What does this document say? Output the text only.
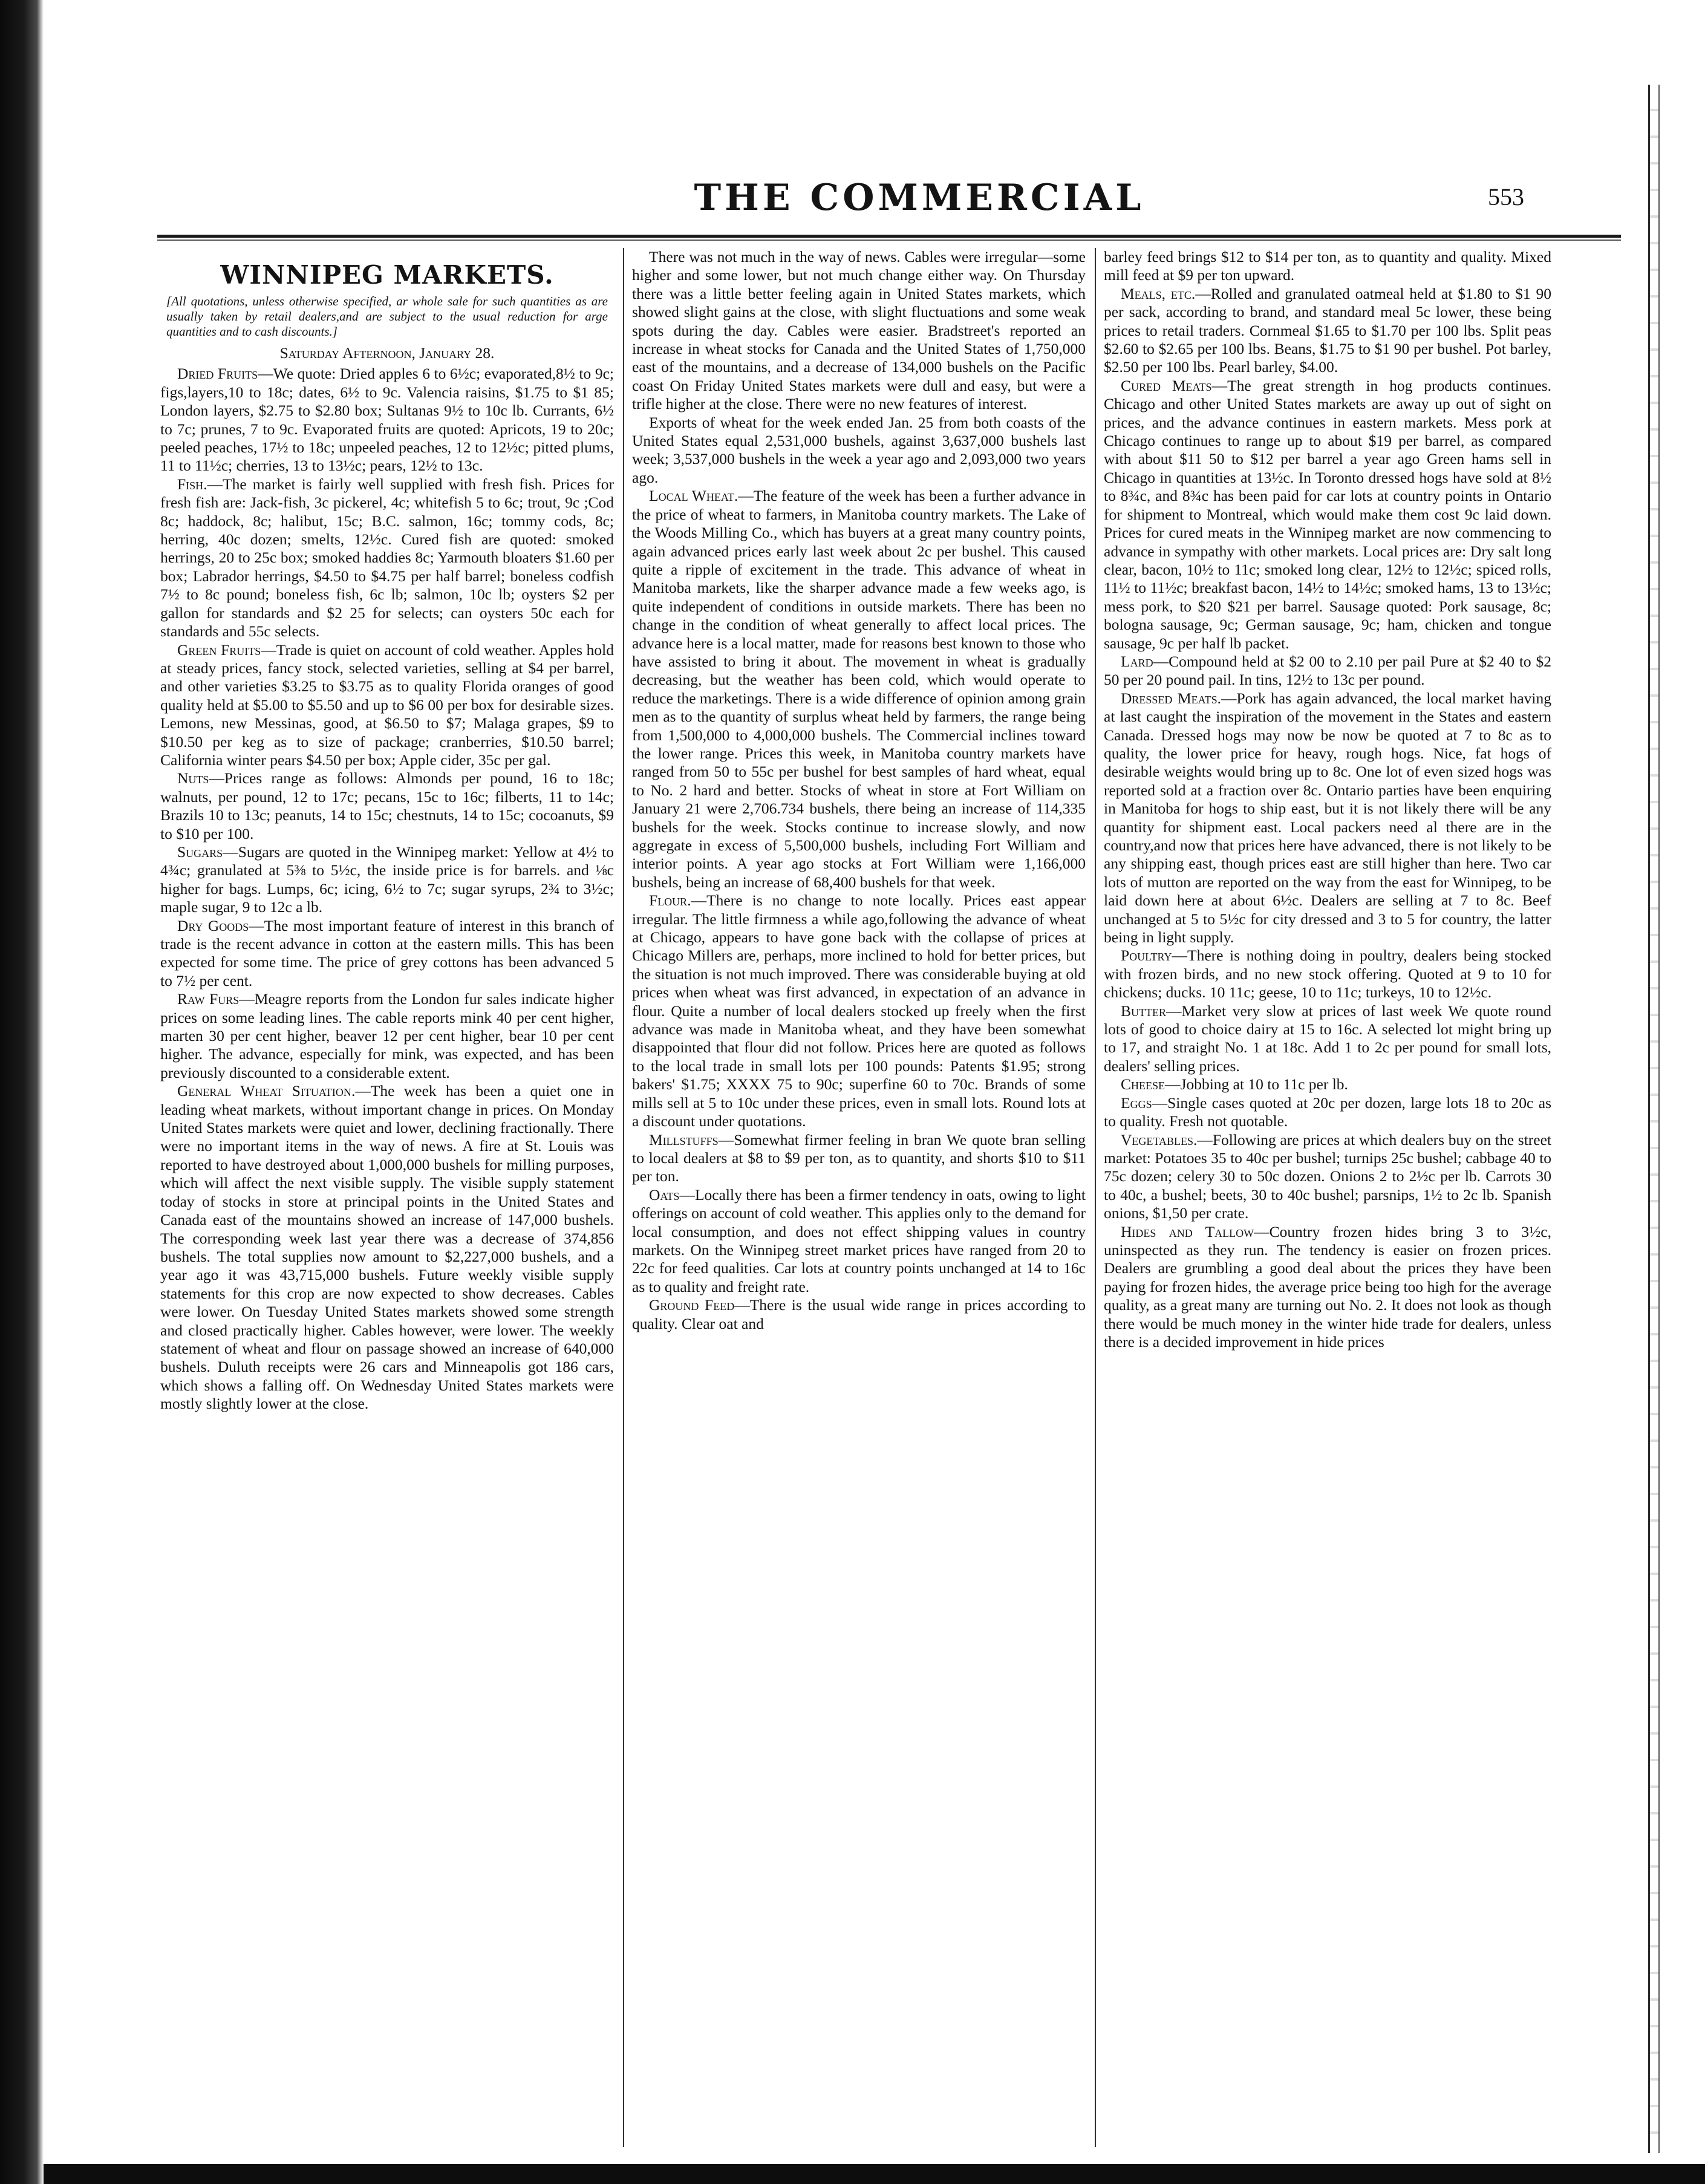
THE COMMERCIAL	553
WINNIPEG MARKETS.
[All quotations, unless otherwise specified, ar whole sale for such quantities as are usually taken by retail dealers,and are subject to the usual reduction for arge quantities and to cash discounts.]
Saturday Afternoon, January 28.

Dried Fruits—We quote: Dried apples 6 to 6½c; evaporated,8½ to 9c; figs,layers,10 to 18c; dates, 6½ to 9c. Valencia raisins, $1.75 to $1 85; London layers, $2.75 to $2.80 box; Sultanas 9½ to 10c lb. Currants, 6½ to 7c; prunes, 7 to 9c. Evaporated fruits are quoted: Apricots, 19 to 20c; peeled peaches, 17½ to 18c; unpeeled peaches, 12 to 12½c; pitted plums, 11 to 11½c; cherries, 13 to 13½c; pears, 12½ to 13c.

Fish.—The market is fairly well supplied with fresh fish. Prices for fresh fish are: Jack-fish, 3c pickerel, 4c; whitefish 5 to 6c; trout, 9c ;Cod 8c; haddock, 8c; halibut, 15c; B.C. salmon, 16c; tommy cods, 8c; herring, 40c dozen; smelts, 12½c. Cured fish are quoted: smoked herrings, 20 to 25c box; smoked haddies 8c; Yarmouth bloaters $1.60 per box; Labrador herrings, $4.50 to $4.75 per half barrel; boneless codfish 7½ to 8c pound; boneless fish, 6c lb; salmon, 10c lb; oysters $2 per gallon for standards and $2 25 for selects; can oysters 50c each for standards and 55c selects.

Green Fruits—Trade is quiet on account of cold weather. Apples hold at steady prices, fancy stock, selected varieties, selling at $4 per barrel, and other varieties $3.25 to $3.75 as to quality Florida oranges of good quality held at $5.00 to $5.50 and up to $6 00 per box for desirable sizes. Lemons, new Messinas, good, at $6.50 to $7; Malaga grapes, $9 to $10.50 per keg as to size of package; cranberries, $10.50 barrel; California winter pears $4.50 per box; Apple cider, 35c per gal.

Nuts—Prices range as follows: Almonds per pound, 16 to 18c; walnuts, per pound, 12 to 17c; pecans, 15c to 16c; filberts, 11 to 14c; Brazils 10 to 13c; peanuts, 14 to 15c; chestnuts, 14 to 15c; cocoanuts, $9 to $10 per 100.

Sugars—Sugars are quoted in the Winnipeg market: Yellow at 4½ to 4¾c; granulated at 5⅜ to 5½c, the inside price is for barrels. and ⅛c higher for bags. Lumps, 6c; icing, 6½ to 7c; sugar syrups, 2¾ to 3½c; maple sugar, 9 to 12c a lb.

Dry Goods—The most important feature of interest in this branch of trade is the recent advance in cotton at the eastern mills. This has been expected for some time. The price of grey cottons has been advanced 5 to 7½ per cent.

Raw Furs—Meagre reports from the London fur sales indicate higher prices on some leading lines. The cable reports mink 40 per cent higher, marten 30 per cent higher, beaver 12 per cent higher, bear 10 per cent higher. The advance, especially for mink, was expected, and has been previously discounted to a considerable extent.

General Wheat Situation.—The week has been a quiet one in leading wheat markets, without important change in prices. On Monday United States markets were quiet and lower, declining fractionally. There were no important items in the way of news. A fire at St. Louis was reported to have destroyed about 1,000,000 bushels for milling purposes, which will affect the next visible supply. The visible supply statement today of stocks in store at principal points in the United States and Canada east of the mountains showed an increase of 147,000 bushels. The corresponding week last year there was a decrease of 374,856 bushels. The total supplies now amount to $2,227,000 bushels, and a year ago it was 43,715,000 bushels. Future weekly visible supply statements for this crop are now expected to show decreases. Cables were lower. On Tuesday United States markets showed some strength and closed practically higher. Cables however, were lower. The weekly statement of wheat and flour on passage showed an increase of 640,000 bushels. Duluth receipts were 26 cars and Minneapolis got 186 cars, which shows a falling off. On Wednesday United States markets were mostly slightly lower at the close.

There was not much in the way of news. Cables were irregular—some higher and some lower, but not much change either way. On Thursday there was a little better feeling again in United States markets, which showed slight gains at the close, with slight fluctuations and some weak spots during the day. Cables were easier. Bradstreet's reported an increase in wheat stocks for Canada and the United States of 1,750,000 east of the mountains, and a decrease of 134,000 bushels on the Pacific coast On Friday United States markets were dull and easy, but were a trifle higher at the close. There were no new features of interest.

Exports of wheat for the week ended Jan. 25 from both coasts of the United States equal 2,531,000 bushels, against 3,637,000 bushels last week; 3,537,000 bushels in the week a year ago and 2,093,000 two years ago.

Local Wheat.—The feature of the week has been a further advance in the price of wheat to farmers, in Manitoba country markets. The Lake of the Woods Milling Co., which has buyers at a great many country points, again advanced prices early last week about 2c per bushel. This caused quite a ripple of excitement in the trade. This advance of wheat in Manitoba markets, like the sharper advance made a few weeks ago, is quite independent of conditions in outside markets. There has been no change in the condition of wheat generally to affect local prices. The advance here is a local matter, made for reasons best known to those who have assisted to bring it about. The movement in wheat is gradually decreasing, but the weather has been cold, which would operate to reduce the marketings. There is a wide difference of opinion among grain men as to the quantity of surplus wheat held by farmers, the range being from 1,500,000 to 4,000,000 bushels. The Commercial inclines toward the lower range. Prices this week, in Manitoba country markets have ranged from 50 to 55c per bushel for best samples of hard wheat, equal to No. 2 hard and better. Stocks of wheat in store at Fort William on January 21 were 2,706.734 bushels, there being an increase of 114,335 bushels for the week. Stocks continue to increase slowly, and now aggregate in excess of 5,500,000 bushels, including Fort William and interior points. A year ago stocks at Fort William were 1,166,000 bushels, being an increase of 68,400 bushels for that week.

Flour.—There is no change to note locally. Prices east appear irregular. The little firmness a while ago,following the advance of wheat at Chicago, appears to have gone back with the collapse of prices at Chicago Millers are, perhaps, more inclined to hold for better prices, but the situation is not much improved. There was considerable buying at old prices when wheat was first advanced, in expectation of an advance in flour. Quite a number of local dealers stocked up freely when the first advance was made in Manitoba wheat, and they have been somewhat disappointed that flour did not follow. Prices here are quoted as follows to the local trade in small lots per 100 pounds: Patents $1.95; strong bakers' $1.75; XXXX 75 to 90c; superfine 60 to 70c. Brands of some mills sell at 5 to 10c under these prices, even in small lots. Round lots at a discount under quotations.

Millstuffs—Somewhat firmer feeling in bran We quote bran selling to local dealers at $8 to $9 per ton, as to quantity, and shorts $10 to $11 per ton.

Oats—Locally there has been a firmer tendency in oats, owing to light offerings on account of cold weather. This applies only to the demand for local consumption, and does not effect shipping values in country markets. On the Winnipeg street market prices have ranged from 20 to 22c for feed qualities. Car lots at country points unchanged at 14 to 16c as to quality and freight rate.

Ground Feed—There is the usual wide range in prices according to quality. Clear oat and

barley feed brings $12 to $14 per ton, as to quantity and quality. Mixed mill feed at $9 per ton upward.

Meals, etc.—Rolled and granulated oatmeal held at $1.80 to $1 90 per sack, according to brand, and standard meal 5c lower, these being prices to retail traders. Cornmeal $1.65 to $1.70 per 100 lbs. Split peas $2.60 to $2.65 per 100 lbs. Beans, $1.75 to $1 90 per bushel. Pot barley, $2.50 per 100 lbs. Pearl barley, $4.00.

Cured Meats—The great strength in hog products continues. Chicago and other United States markets are away up out of sight on prices, and the advance continues in eastern markets. Mess pork at Chicago continues to range up to about $19 per barrel, as compared with about $11 50 to $12 per barrel a year ago Green hams sell in Chicago in quantities at 13½c. In Toronto dressed hogs have sold at 8½ to 8¾c, and 8¾c has been paid for car lots at country points in Ontario for shipment to Montreal, which would make them cost 9c laid down. Prices for cured meats in the Winnipeg market are now commencing to advance in sympathy with other markets. Local prices are: Dry salt long clear, bacon, 10½ to 11c; smoked long clear, 12½ to 12½c; spiced rolls, 11½ to 11½c; breakfast bacon, 14½ to 14½c; smoked hams, 13 to 13½c; mess pork, to $20 $21 per barrel. Sausage quoted: Pork sausage, 8c; bologna sausage, 9c; German sausage, 9c; ham, chicken and tongue sausage, 9c per half lb packet.

Lard—Compound held at $2 00 to 2.10 per pail Pure at $2 40 to $2 50 per 20 pound pail. In tins, 12½ to 13c per pound.

Dressed Meats.—Pork has again advanced, the local market having at last caught the inspiration of the movement in the States and eastern Canada. Dressed hogs may now be now be quoted at 7 to 8c as to quality, the lower price for heavy, rough hogs. Nice, fat hogs of desirable weights would bring up to 8c. One lot of even sized hogs was reported sold at a fraction over 8c. Ontario parties have been enquiring in Manitoba for hogs to ship east, but it is not likely there will be any quantity for shipment east. Local packers need al there are in the country,and now that prices here have advanced, there is not likely to be any shipping east, though prices east are still higher than here. Two car lots of mutton are reported on the way from the east for Winnipeg, to be laid down here at about 6½c. Dealers are selling at 7 to 8c. Beef unchanged at 5 to 5½c for city dressed and 3 to 5 for country, the latter being in light supply.

Poultry—There is nothing doing in poultry, dealers being stocked with frozen birds, and no new stock offering. Quoted at 9 to 10 for chickens; ducks. 10 11c; geese, 10 to 11c; turkeys, 10 to 12½c.

Butter—Market very slow at prices of last week We quote round lots of good to choice dairy at 15 to 16c. A selected lot might bring up to 17, and straight No. 1 at 18c. Add 1 to 2c per pound for small lots, dealers' selling prices.

Cheese—Jobbing at 10 to 11c per lb.

Eggs—Single cases quoted at 20c per dozen, large lots 18 to 20c as to quality. Fresh not quotable.

Vegetables.—Following are prices at which dealers buy on the street market: Potatoes 35 to 40c per bushel; turnips 25c bushel; cabbage 40 to 75c dozen; celery 30 to 50c dozen. Onions 2 to 2½c per lb. Carrots 30 to 40c, a bushel; beets, 30 to 40c bushel; parsnips, 1½ to 2c lb. Spanish onions, $1,50 per crate.

Hides and Tallow—Country frozen hides bring 3 to 3½c, uninspected as they run. The tendency is easier on frozen prices. Dealers are grumbling a good deal about the prices they have been paying for frozen hides, the average price being too high for the average quality, as a great many are turning out No. 2. It does not look as though there would be much money in the winter hide trade for dealers, unless there is a decided improvement in hide prices
